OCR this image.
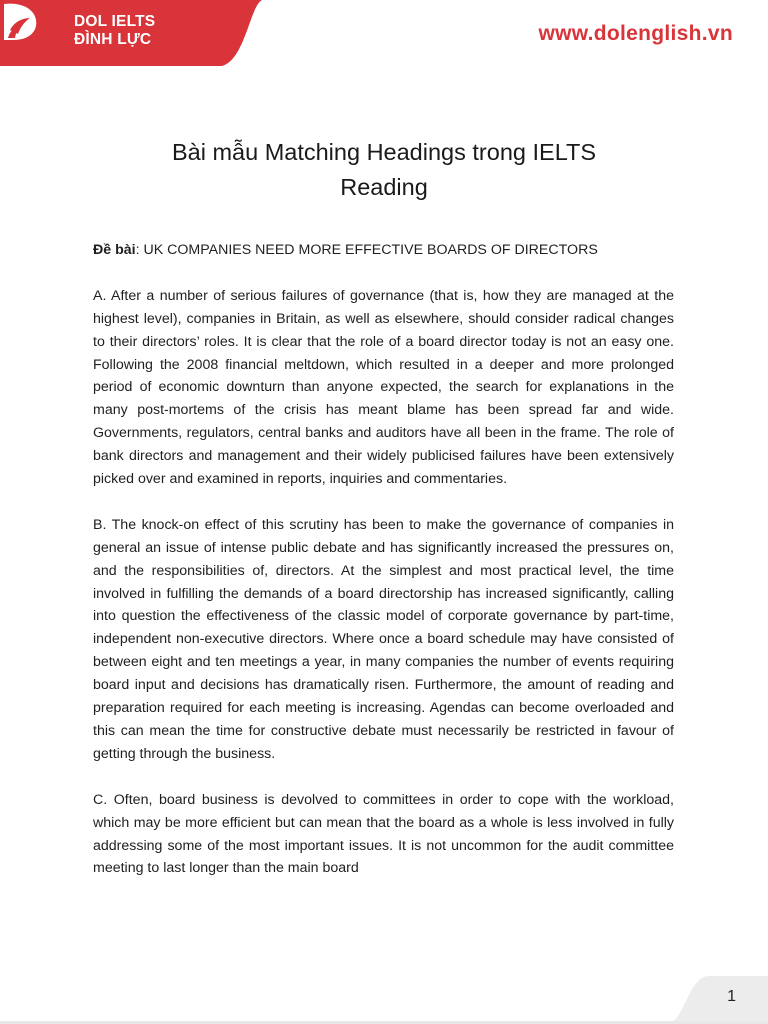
DOL IELTS
ĐÌNH LỰC	www.dolenglish.vn
Bài mẫu Matching Headings trong IELTS
Reading

Đề bài: UK COMPANIES NEED MORE EFFECTIVE BOARDS OF DIRECTORS

A. After a number of serious failures of governance (that is, how they are managed at the highest level), companies in Britain, as well as elsewhere, should consider radical changes to their directors’ roles. It is clear that the role of a board director today is not an easy one. Following the 2008 financial meltdown, which resulted in a deeper and more prolonged period of economic downturn than anyone expected, the search for explanations in the many post-mortems of the crisis has meant blame has been spread far and wide. Governments, regulators, central banks and auditors have all been in the frame. The role of bank directors and management and their widely publicised failures have been extensively picked over and examined in reports, inquiries and commentaries.

B. The knock-on effect of this scrutiny has been to make the governance of companies in general an issue of intense public debate and has significantly increased the pressures on, and the responsibilities of, directors. At the simplest and most practical level, the time involved in fulfilling the demands of a board directorship has increased significantly, calling into question the effectiveness of the classic model of corporate governance by part-time, independent non-executive directors. Where once a board schedule may have consisted of between eight and ten meetings a year, in many companies the number of events requiring board input and decisions has dramatically risen. Furthermore, the amount of reading and preparation required for each meeting is increasing. Agendas can become overloaded and this can mean the time for constructive debate must necessarily be restricted in favour of getting through the business.

C. Often, board business is devolved to committees in order to cope with the workload, which may be more efficient but can mean that the board as a whole is less involved in fully addressing some of the most important issues. It is not uncommon for the audit committee meeting to last longer than the main board

1
